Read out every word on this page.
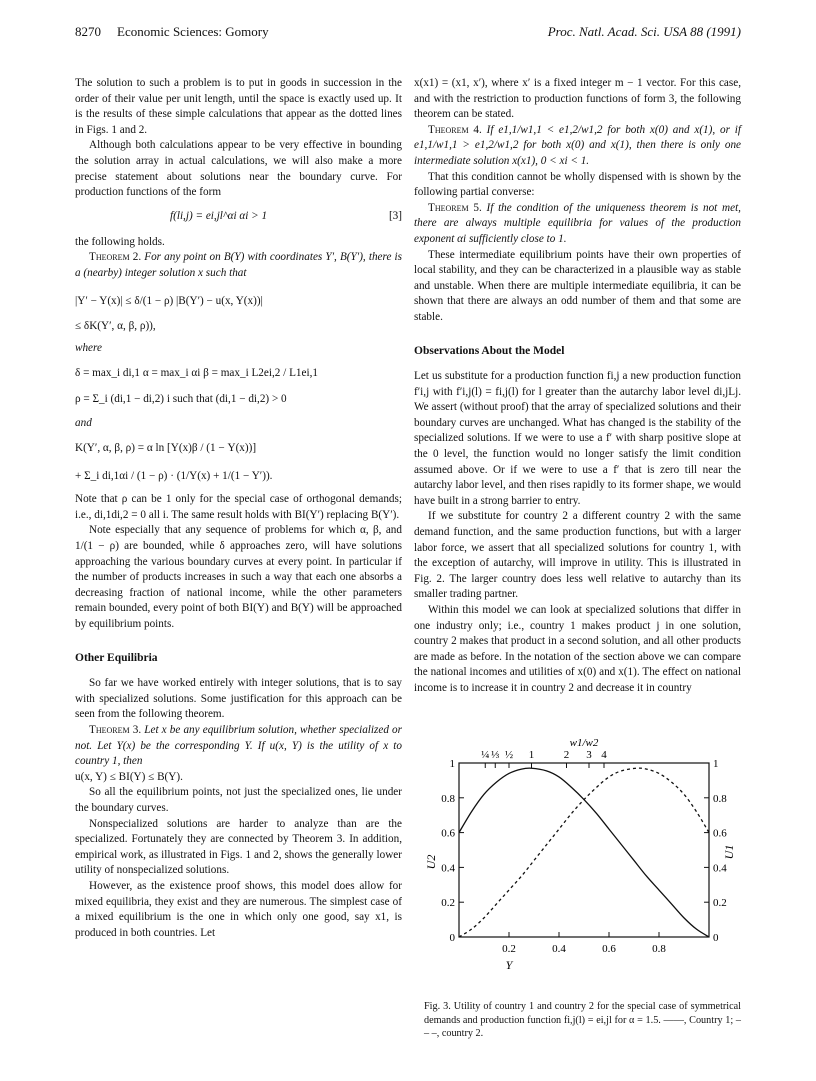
8270 Economic Sciences: Gomory	Proc. Natl. Acad. Sci. USA 88 (1991)

The solution to such a problem is to put in goods in succession in the order of their value per unit length, until the space is exactly used up. It is the results of these simple calculations that appear as the dotted lines in Figs. 1 and 2.

Although both calculations appear to be very effective in bounding the solution array in actual calculations, we will also make a more precise statement about solutions near the boundary curve. For production functions of the form

f(li,j) = ei,jl^αi αi > 1	[3]

the following holds.

Theorem 2. For any point on B(Y) with coordinates Y′, B(Y′), there is a (nearby) integer solution x such that

|Y′ − Y(x)| ≤ δ/(1 − ρ) |B(Y′) − u(x, Y(x))|

≤ δK(Y′, α, β, ρ)),

where

δ = max_i di,1 α = max_i αi β = max_i L2ei,2 / L1ei,1

ρ = Σ_i (di,1 − di,2) i such that (di,1 − di,2) > 0

and

K(Y′, α, β, ρ) = α ln [Y(x)β / (1 − Y(x))]

+ Σ_i di,1αi / (1 − ρ) · (1/Y(x) + 1/(1 − Y′)).

Note that ρ can be 1 only for the special case of orthogonal demands; i.e., di,1di,2 = 0 all i. The same result holds with BI(Y′) replacing B(Y′).

Note especially that any sequence of problems for which α, β, and 1/(1 − ρ) are bounded, while δ approaches zero, will have solutions approaching the various boundary curves at every point. In particular if the number of products increases in such a way that each one absorbs a decreasing fraction of national income, while the other parameters remain bounded, every point of both BI(Y) and B(Y) will be approached by equilibrium points.

Other Equilibria

So far we have worked entirely with integer solutions, that is to say with specialized solutions. Some justification for this approach can be seen from the following theorem.

Theorem 3. Let x be any equilibrium solution, whether specialized or not. Let Y(x) be the corresponding Y. If u(x, Y) is the utility of x to country 1, then

u(x, Y) ≤ BI(Y) ≤ B(Y).

So all the equilibrium points, not just the specialized ones, lie under the boundary curves.

Nonspecialized solutions are harder to analyze than are the specialized. Fortunately they are connected by Theorem 3. In addition, empirical work, as illustrated in Figs. 1 and 2, shows the generally lower utility of nonspecialized solutions.

However, as the existence proof shows, this model does allow for mixed equilibria, they exist and they are numerous. The simplest case of a mixed equilibrium is the one in which only one good, say x1, is produced in both countries. Let

x(x1) = (x1, x′), where x′ is a fixed integer m − 1 vector. For this case, and with the restriction to production functions of form 3, the following theorem can be stated.

Theorem 4. If e1,1/w1,1 < e1,2/w1,2 for both x(0) and x(1), or if e1,1/w1,1 > e1,2/w1,2 for both x(0) and x(1), then there is only one intermediate solution x(x1), 0 < xi < 1.

That this condition cannot be wholly dispensed with is shown by the following partial converse:

Theorem 5. If the condition of the uniqueness theorem is not met, there are always multiple equilibria for values of the production exponent αi sufficiently close to 1.

These intermediate equilibrium points have their own properties of local stability, and they can be characterized in a plausible way as stable and unstable. When there are multiple intermediate equilibria, it can be shown that there are always an odd number of them and that some are stable.

Observations About the Model

Let us substitute for a production function fi,j a new production function f′i,j with f′i,j(l) = fi,j(l) for l greater than the autarchy labor level di,jLj. We assert (without proof) that the array of specialized solutions and their boundary curves are unchanged. What has changed is the stability of the specialized solutions. If we were to use a f′ with sharp positive slope at the 0 level, the function would no longer satisfy the limit condition assumed above. Or if we were to use a f′ that is zero till near the autarchy labor level, and then rises rapidly to its former shape, we would have built in a strong barrier to entry.

If we substitute for country 2 a different country 2 with the same demand function, and the same production functions, but with a larger labor force, we assert that all specialized solutions for country 1, with the exception of autarchy, will improve in utility. This is illustrated in Fig. 2. The larger country does less well relative to autarchy than its smaller trading partner.

Within this model we can look at specialized solutions that differ in one industry only; i.e., country 1 makes product j in one solution, country 2 makes that product in a second solution, and all other products are made as before. In the notation of the section above we can compare the national incomes and utilities of x(0) and x(1). The effect on national income is to increase it in country 2 and decrease it in country

0.2	0.4	0.6	0.8
0	0
0.2	0.2
0.4	0.4
0.6	0.6
0.8	0.8
1	1
¼ ⅓ ½ 1	2 3 4
w1/w2
Y
U2
U1
Fig. 3. Utility of country 1 and country 2 for the special case of symmetrical demands and production function fi,j(l) = ei,jl for α = 1.5. ——, Country 1; – – –, country 2.
